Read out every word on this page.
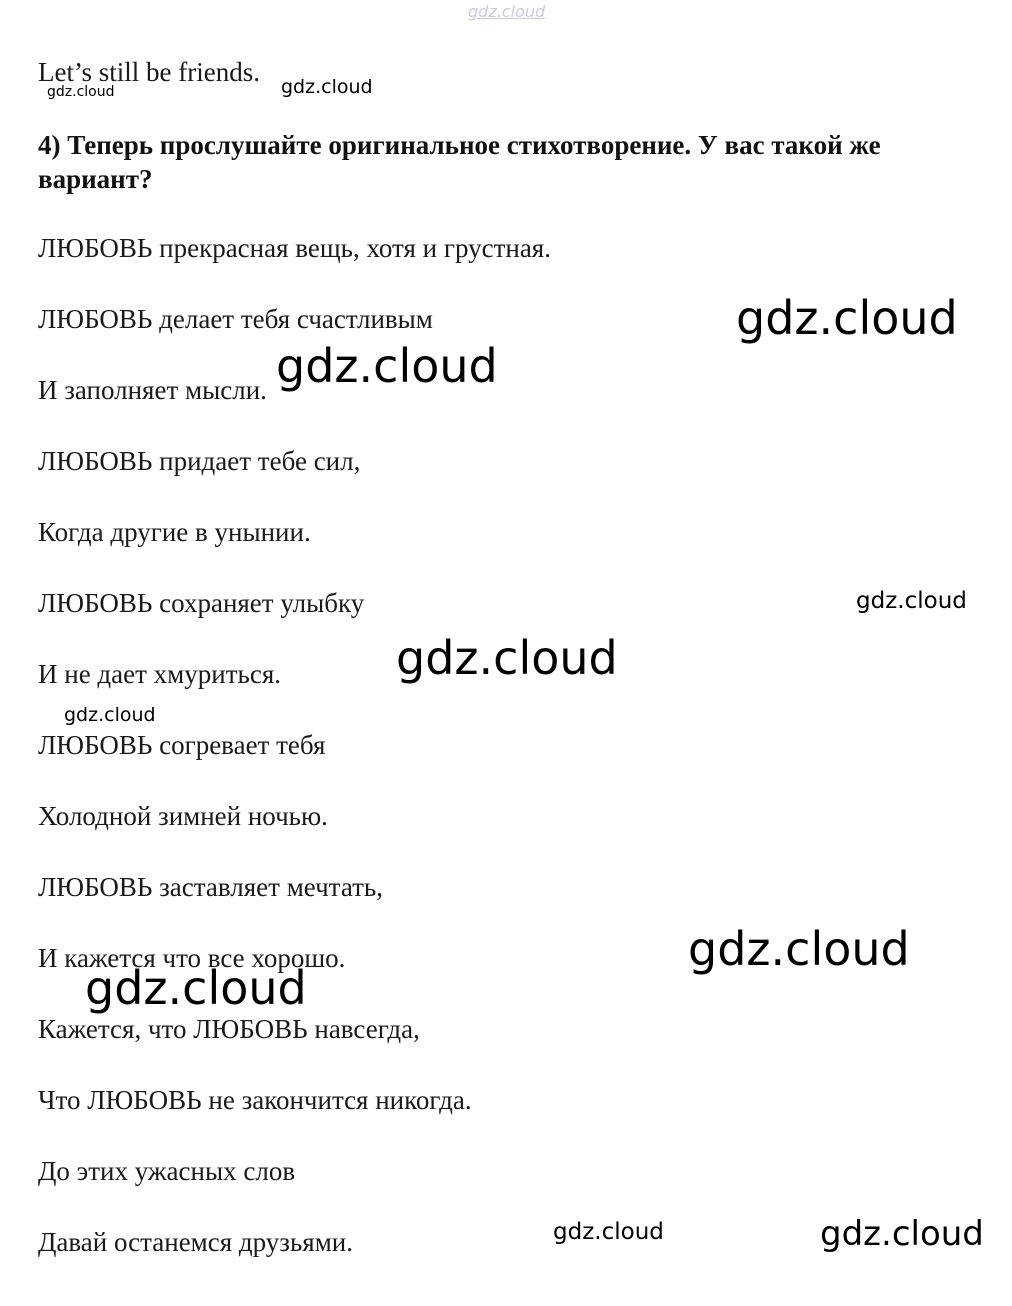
gdz.cloud
Let’s still be friends.
gdz.cloud	gdz.cloud
4) Теперь прослушайте оригинальное стихотворение. У вас такой же вариант?
ЛЮБОВЬ прекрасная вещь, хотя и грустная.
ЛЮБОВЬ делает тебя счастливым
И заполняет мысли.
ЛЮБОВЬ придает тебе сил,
Когда другие в унынии.
ЛЮБОВЬ сохраняет улыбку
И не дает хмуриться.
ЛЮБОВЬ согревает тебя
Холодной зимней ночью.
ЛЮБОВЬ заставляет мечтать,
И кажется что все хорошо.
Кажется, что ЛЮБОВЬ навсегда,
Что ЛЮБОВЬ не закончится никогда.
До этих ужасных слов
Давай останемся друзьями.
gdz.cloud
gdz.cloud
gdz.cloud
gdz.cloud
gdz.cloud
gdz.cloud
gdz.cloud
gdz.cloud	gdz.cloud
